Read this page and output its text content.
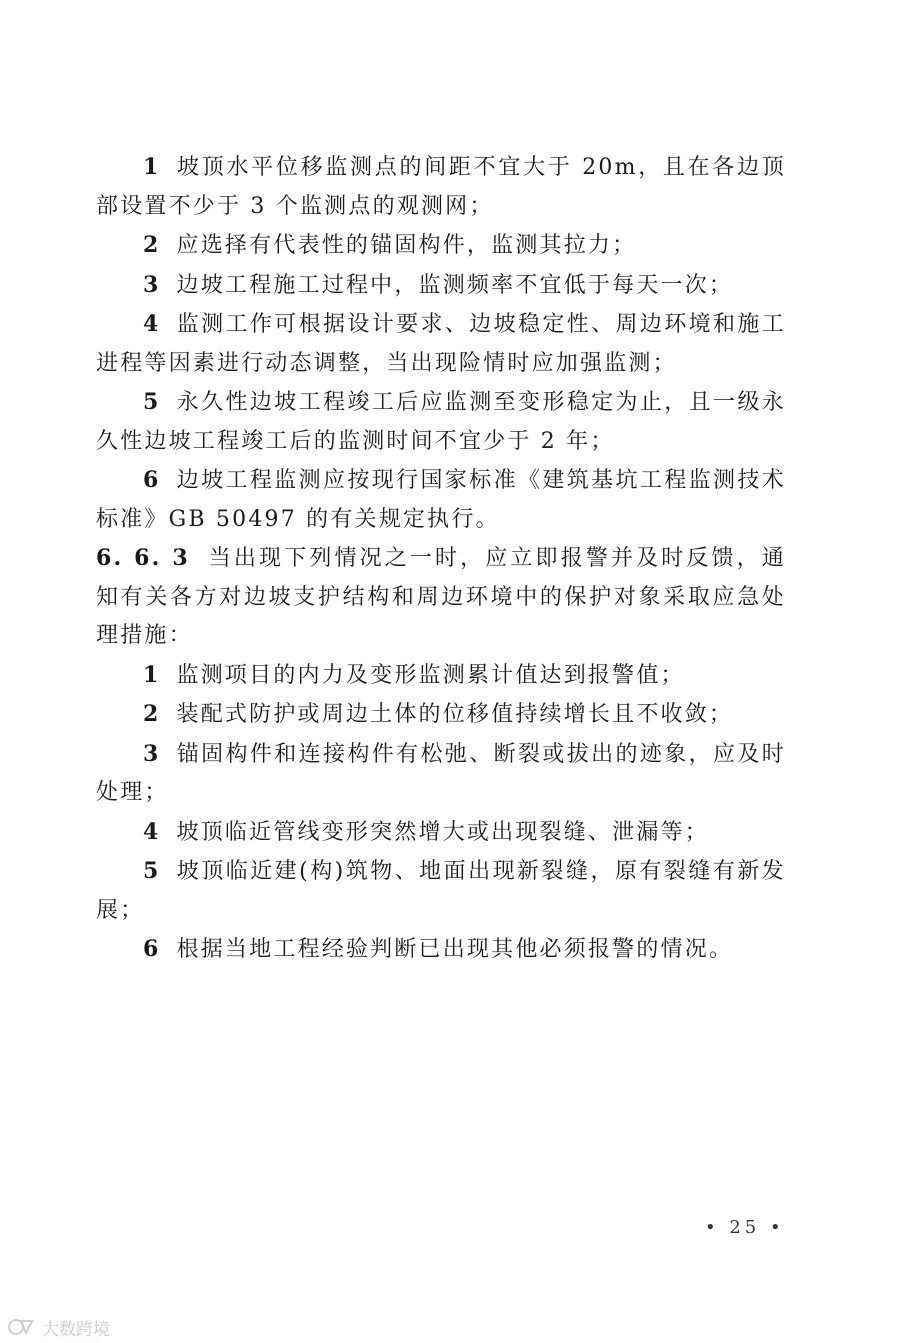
1 坡顶水平位移监测点的间距不宜大于 20m，且在各边顶部设置不少于 3 个监测点的观测网；

2 应选择有代表性的锚固构件，监测其拉力；

3 边坡工程施工过程中，监测频率不宜低于每天一次；

4 监测工作可根据设计要求、边坡稳定性、周边环境和施工进程等因素进行动态调整，当出现险情时应加强监测；

5 永久性边坡工程竣工后应监测至变形稳定为止，且一级永久性边坡工程竣工后的监测时间不宜少于 2 年；

6 边坡工程监测应按现行国家标准《建筑基坑工程监测技术标准》GB 50497 的有关规定执行。

6. 6. 3 当出现下列情况之一时，应立即报警并及时反馈，通知有关各方对边坡支护结构和周边环境中的保护对象采取应急处理措施：

1 监测项目的内力及变形监测累计值达到报警值；

2 装配式防护或周边土体的位移值持续增长且不收敛；

3 锚固构件和连接构件有松弛、断裂或拔出的迹象，应及时处理；

4 坡顶临近管线变形突然增大或出现裂缝、泄漏等；

5 坡顶临近建(构)筑物、地面出现新裂缝，原有裂缝有新发展；

6 根据当地工程经验判断已出现其他必须报警的情况。

• 25 •
大数跨境
